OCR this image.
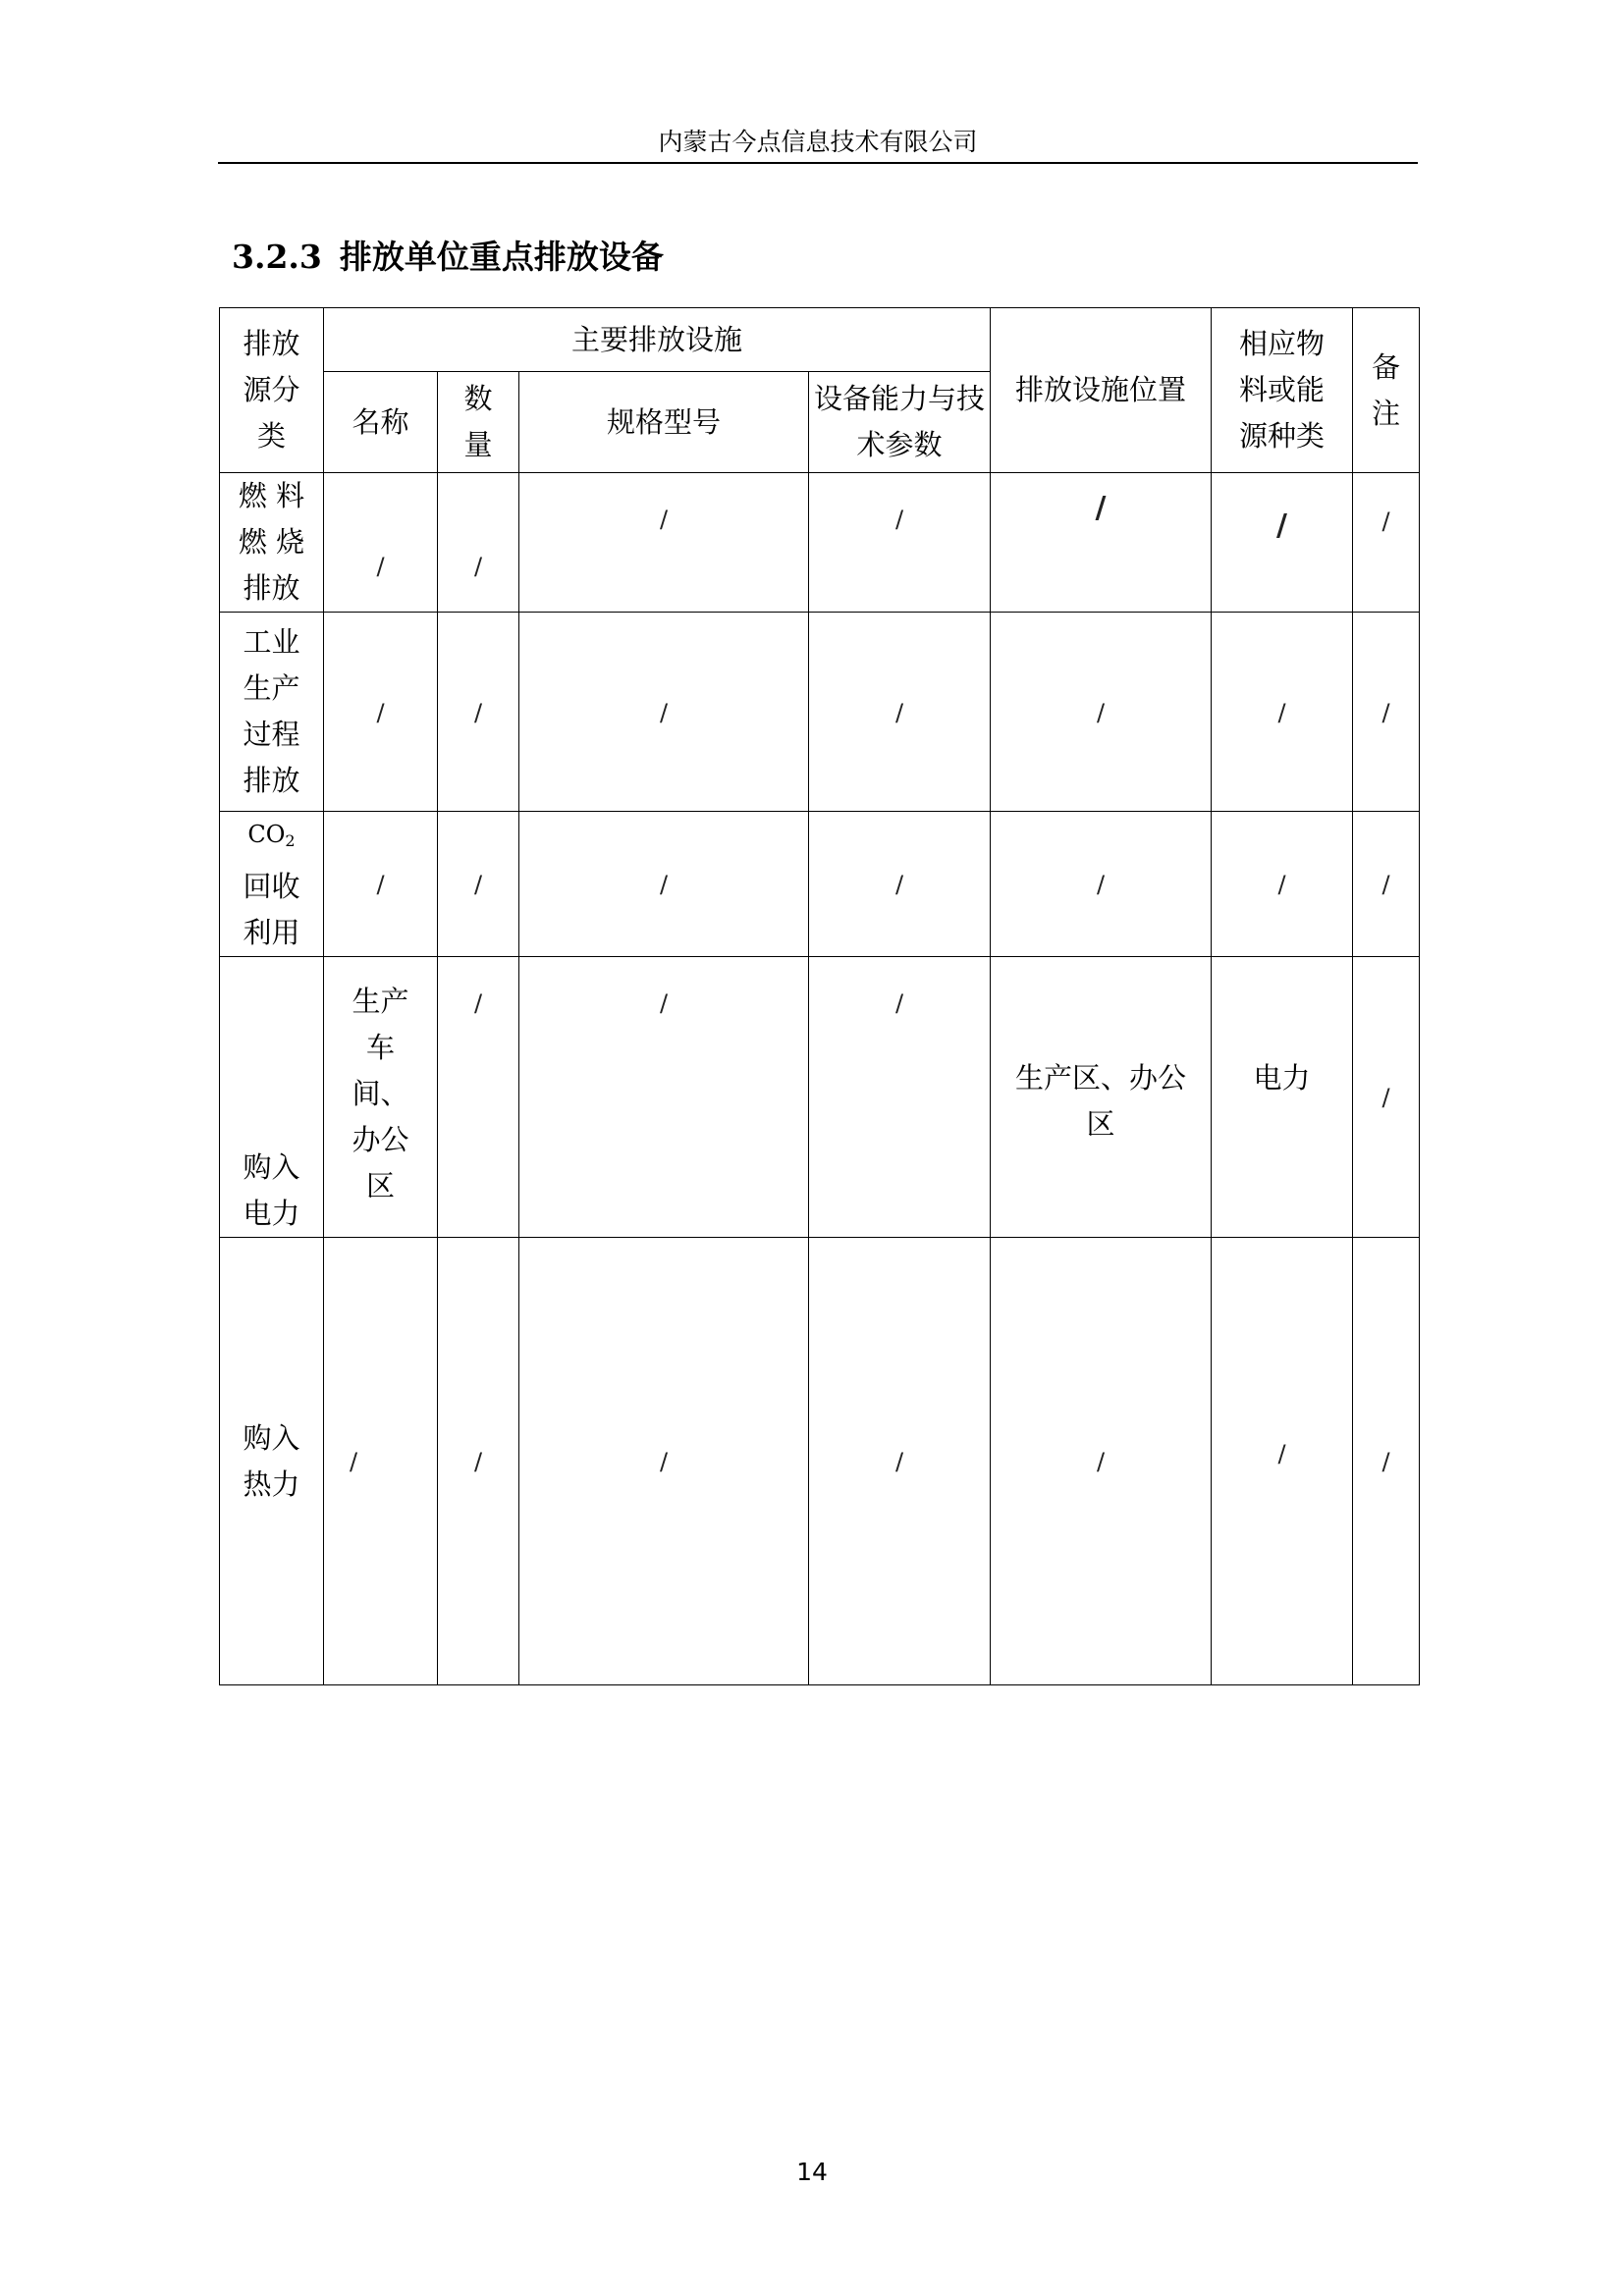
内蒙古今点信息技术有限公司
3.2.3 排放单位重点排放设备
排放源分类	主要排放设施				排放设施位置	相应物料或能源种类	备注
	名称	数量	规格型号	设备能力与技术参数			

燃 料
燃 烧
排放	/	/	/	/	/	/	/
工业生产过程排放	/	/	/	/	/	/	/

$CO_2$
回收利用	/	/	/	/	/	/	/
购入电力	生产车间、办公区	/	/	/	生产区、办公区	电力	/
购入热力	/	/	/	/	/	/	/
14
